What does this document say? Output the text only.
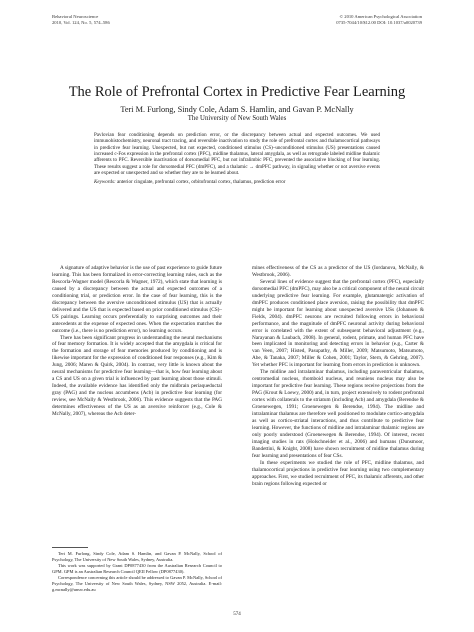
Behavioral Neuroscience
2010, Vol. 124, No. 5, 574–586
© 2010 American Psychological Association
0735-7044/10/$12.00 DOI: 10.1037/a0020739
The Role of Prefrontal Cortex in Predictive Fear Learning
Teri M. Furlong, Sindy Cole, Adam S. Hamlin, and Gavan P. McNally
The University of New South Wales

Pavlovian fear conditioning depends on prediction error, or the discrepancy between actual and expected outcomes. We used immunohistochemistry, neuronal tract tracing, and reversible inactivation to study the role of prefrontal cortex and thalamocortical pathways in predictive fear learning. Unexpected, but not expected, conditioned stimulus (CS)–unconditioned stimulus (US) presentations caused increased c-Fos expression in the prefrontal cortex (PFC), midline thalamus, lateral amygdala, as well as retrograde labeled midline thalamic afferents to PFC. Reversible inactivation of dorsomedial PFC, but not infralimbic PFC, prevented the associative blocking of fear learning. These results suggest a role for dorsomedial PFC (dmPFC), and a thalamic → dmPFC pathway, in signaling whether or not aversive events are expected or unexpected and so whether they are to be learned about.

Keywords: anterior cingulate, prefrontal cortex, orbitofrontal cortex, thalamus, prediction error

A signature of adaptive behavior is the use of past experience to guide future learning. This has been formalized in error-correcting learning rules, such as the Rescorla-Wagner model (Rescorla & Wagner, 1972), which state that learning is caused by a discrepancy between the actual and expected outcomes of a conditioning trial, or prediction error. In the case of fear learning, this is the discrepancy between the aversive unconditioned stimulus (US) that is actually delivered and the US that is expected based on prior conditioned stimulus (CS)–US pairings. Learning occurs preferentially to surprising outcomes and their antecedents at the expense of expected ones. When the expectation matches the outcome (i.e., there is no prediction error), no learning occurs.

There has been significant progress in understanding the neural mechanisms of fear memory formation. It is widely accepted that the amygdala is critical for the formation and storage of fear memories produced by conditioning and is likewise important for the expression of conditioned fear responses (e.g., Kim & Jung, 2006; Maren & Quirk, 2004). In contrast, very little is known about the neural mechanisms for predictive fear learning—that is, how fear learning about a CS and US on a given trial is influenced by past learning about those stimuli. Indeed, the available evidence has identified only the midbrain periaqueductal gray (PAG) and the nucleus accumbens (Acb) in predictive fear learning (for review, see McNally & Westbrook, 2006). This evidence suggests that the PAG determines effectiveness of the US as an aversive reinforcer (e.g., Cole & McNally, 2007), whereas the Acb deter-

mines effectiveness of the CS as a predictor of the US (Iordanova, McNally, & Westbrook, 2006).

Several lines of evidence suggest that the prefrontal cortex (PFC), especially dorsomedial PFC (dmPFC), may also be a critical component of the neural circuit underlying predictive fear learning. For example, glutamatergic activation of dmPFC produces conditioned place aversion, raising the possibility that dmPFC might be important for learning about unexpected aversive USs (Johansen & Fields, 2004). dmPFC neurons are recruited following errors in behavioral performance, and the magnitude of dmPFC neuronal activity during behavioral error is correlated with the extent of subsequent behavioral adjustment (e.g., Narayanan & Laubach, 2008). In general, rodent, primate, and human PFC have been implicated in monitoring and detecting errors in behavior (e.g., Carter & van Veen, 2007; Histed, Pasupathy, & Miller, 2009; Matsumoto, Matsumoto, Abe, & Tanaka, 2007; Miller & Cohen, 2001; Taylor, Stern, & Gehring, 2007). Yet whether PFC is important for learning from errors in prediction is unknown.

The midline and intralaminar thalamus, including paraventricular thalamus, centromedial nucleus, rhomboid nucleus, and reuniens nucleus may also be important for predictive fear learning. These regions receive projections from the PAG (Krout & Loewy, 2000) and, in turn, project extensively to rodent prefrontal cortex with collaterals to the striatum (including Acb) and amygdala (Berendse & Groenewegen, 1991; Groenewegen & Berendse, 1994). The midline and intralaminar thalamus are therefore well positioned to modulate cortico-amygdala as well as cortico-striatal interactions, and thus contribute to predictive fear learning. However, the functions of midline and intralaminar thalamic regions are only poorly understood (Groenewegen & Berendse, 1994). Of interest, recent imaging studies in rats (Holschneider et al., 2006) and humans (Dunsmoor, Bandettini, & Knight, 2008) have shown recruitment of midline thalamus during fear learning and presentations of fear CSs.

In these experiments we studied the role of PFC, midline thalamus, and thalamocortical projections in predictive fear learning using two complementary approaches. First, we studied recruitment of PFC, its thalamic afferents, and other brain regions following expected or

Teri M. Furlong, Sindy Cole, Adam S. Hamlin, and Gavan P. McNally, School of Psychology, The University of New South Wales, Sydney, Australia.

This work was supported by Grant DP0877430 from the Australian Research Council to GPM. GPM is an Australian Research Council QEII Fellow (DP0877430).

Correspondence concerning this article should be addressed to Gavan P. McNally, School of Psychology, The University of New South Wales, Sydney, NSW 2052, Australia. E-mail: g.mcnally@unsw.edu.au

574
